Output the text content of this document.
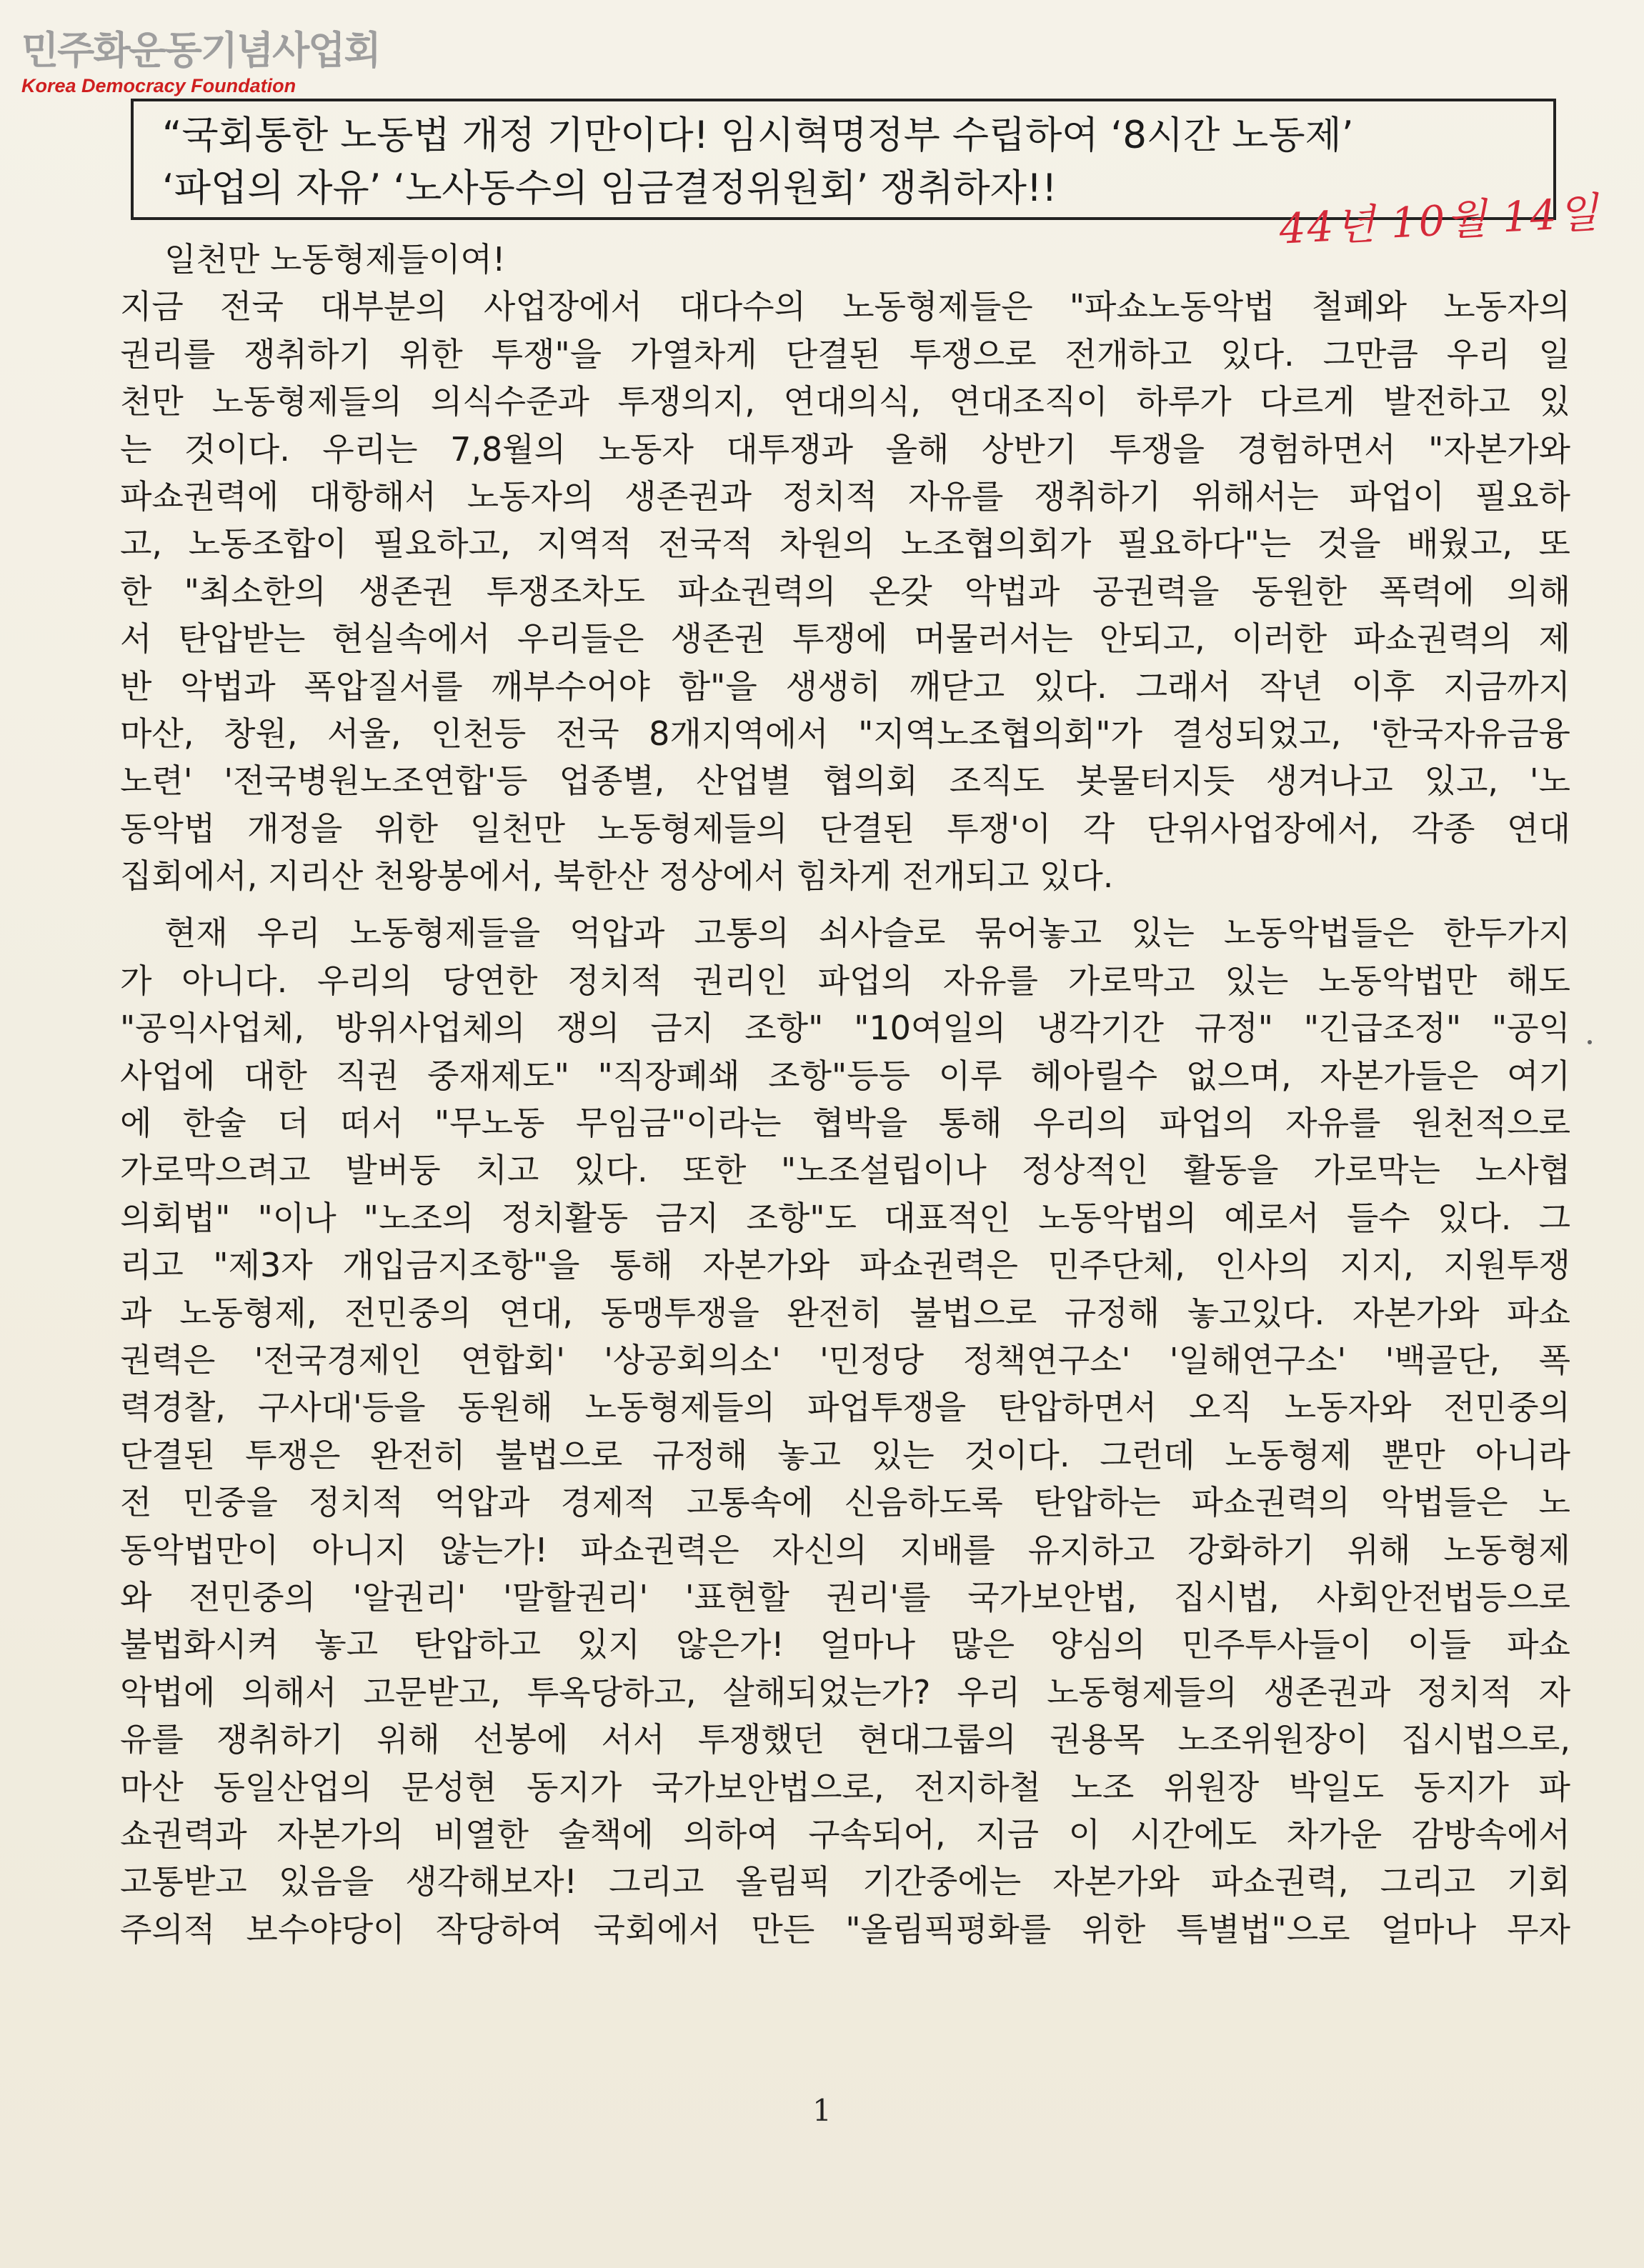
민주화운동기념사업회
Korea Democracy Foundation
“국회통한 노동법 개정 기만이다! 임시혁명정부 수립하여 ‘8시간 노동제’
‘파업의 자유’ ‘노사동수의 임금결정위원회’ 쟁취하자!!	44년 10월 14일
일천만 노동형제들이여!
지금 전국 대부분의 사업장에서 대다수의 노동형제들은 "파쇼노동악법 철폐와 노동자의
권리를 쟁취하기 위한 투쟁"을 가열차게 단결된 투쟁으로 전개하고 있다. 그만큼 우리 일
천만 노동형제들의 의식수준과 투쟁의지, 연대의식, 연대조직이 하루가 다르게 발전하고 있
는 것이다. 우리는 7,8월의 노동자 대투쟁과 올해 상반기 투쟁을 경험하면서 "자본가와
파쇼권력에 대항해서 노동자의 생존권과 정치적 자유를 쟁취하기 위해서는 파업이 필요하
고, 노동조합이 필요하고, 지역적 전국적 차원의 노조협의회가 필요하다"는 것을 배웠고, 또
한 "최소한의 생존권 투쟁조차도 파쇼권력의 온갖 악법과 공권력을 동원한 폭력에 의해
서 탄압받는 현실속에서 우리들은 생존권 투쟁에 머물러서는 안되고, 이러한 파쇼권력의 제
반 악법과 폭압질서를 깨부수어야 함"을 생생히 깨닫고 있다. 그래서 작년 이후 지금까지
마산, 창원, 서울, 인천등 전국 8개지역에서 "지역노조협의회"가 결성되었고, '한국자유금융
노련' '전국병원노조연합'등 업종별, 산업별 협의회 조직도 봇물터지듯 생겨나고 있고, '노
동악법 개정을 위한 일천만 노동형제들의 단결된 투쟁'이 각 단위사업장에서, 각종 연대
집회에서, 지리산 천왕봉에서, 북한산 정상에서 힘차게 전개되고 있다.
현재 우리 노동형제들을 억압과 고통의 쇠사슬로 묶어놓고 있는 노동악법들은 한두가지
가 아니다. 우리의 당연한 정치적 권리인 파업의 자유를 가로막고 있는 노동악법만 해도
"공익사업체, 방위사업체의 쟁의 금지 조항" "10여일의 냉각기간 규정" "긴급조정" "공익
사업에 대한 직권 중재제도" "직장폐쇄 조항"등등 이루 헤아릴수 없으며, 자본가들은 여기
에 한술 더 떠서 "무노동 무임금"이라는 협박을 통해 우리의 파업의 자유를 원천적으로
가로막으려고 발버둥 치고 있다. 또한 "노조설립이나 정상적인 활동을 가로막는 노사협
의회법" "이나 "노조의 정치활동 금지 조항"도 대표적인 노동악법의 예로서 들수 있다. 그
리고 "제3자 개입금지조항"을 통해 자본가와 파쇼권력은 민주단체, 인사의 지지, 지원투쟁
과 노동형제, 전민중의 연대, 동맹투쟁을 완전히 불법으로 규정해 놓고있다. 자본가와 파쇼
권력은 '전국경제인 연합회' '상공회의소' '민정당 정책연구소' '일해연구소' '백골단, 폭
력경찰, 구사대'등을 동원해 노동형제들의 파업투쟁을 탄압하면서 오직 노동자와 전민중의
단결된 투쟁은 완전히 불법으로 규정해 놓고 있는 것이다. 그런데 노동형제 뿐만 아니라
전 민중을 정치적 억압과 경제적 고통속에 신음하도록 탄압하는 파쇼권력의 악법들은 노
동악법만이 아니지 않는가! 파쇼권력은 자신의 지배를 유지하고 강화하기 위해 노동형제
와 전민중의 '알권리' '말할권리' '표현할 권리'를 국가보안법, 집시법, 사회안전법등으로
불법화시켜 놓고 탄압하고 있지 않은가! 얼마나 많은 양심의 민주투사들이 이들 파쇼
악법에 의해서 고문받고, 투옥당하고, 살해되었는가? 우리 노동형제들의 생존권과 정치적 자
유를 쟁취하기 위해 선봉에 서서 투쟁했던 현대그룹의 권용목 노조위원장이 집시법으로,
마산 동일산업의 문성현 동지가 국가보안법으로, 전지하철 노조 위원장 박일도 동지가 파
쇼권력과 자본가의 비열한 술책에 의하여 구속되어, 지금 이 시간에도 차가운 감방속에서
고통받고 있음을 생각해보자! 그리고 올림픽 기간중에는 자본가와 파쇼권력, 그리고 기회
주의적 보수야당이 작당하여 국회에서 만든 "올림픽평화를 위한 특별법"으로 얼마나 무자
1
